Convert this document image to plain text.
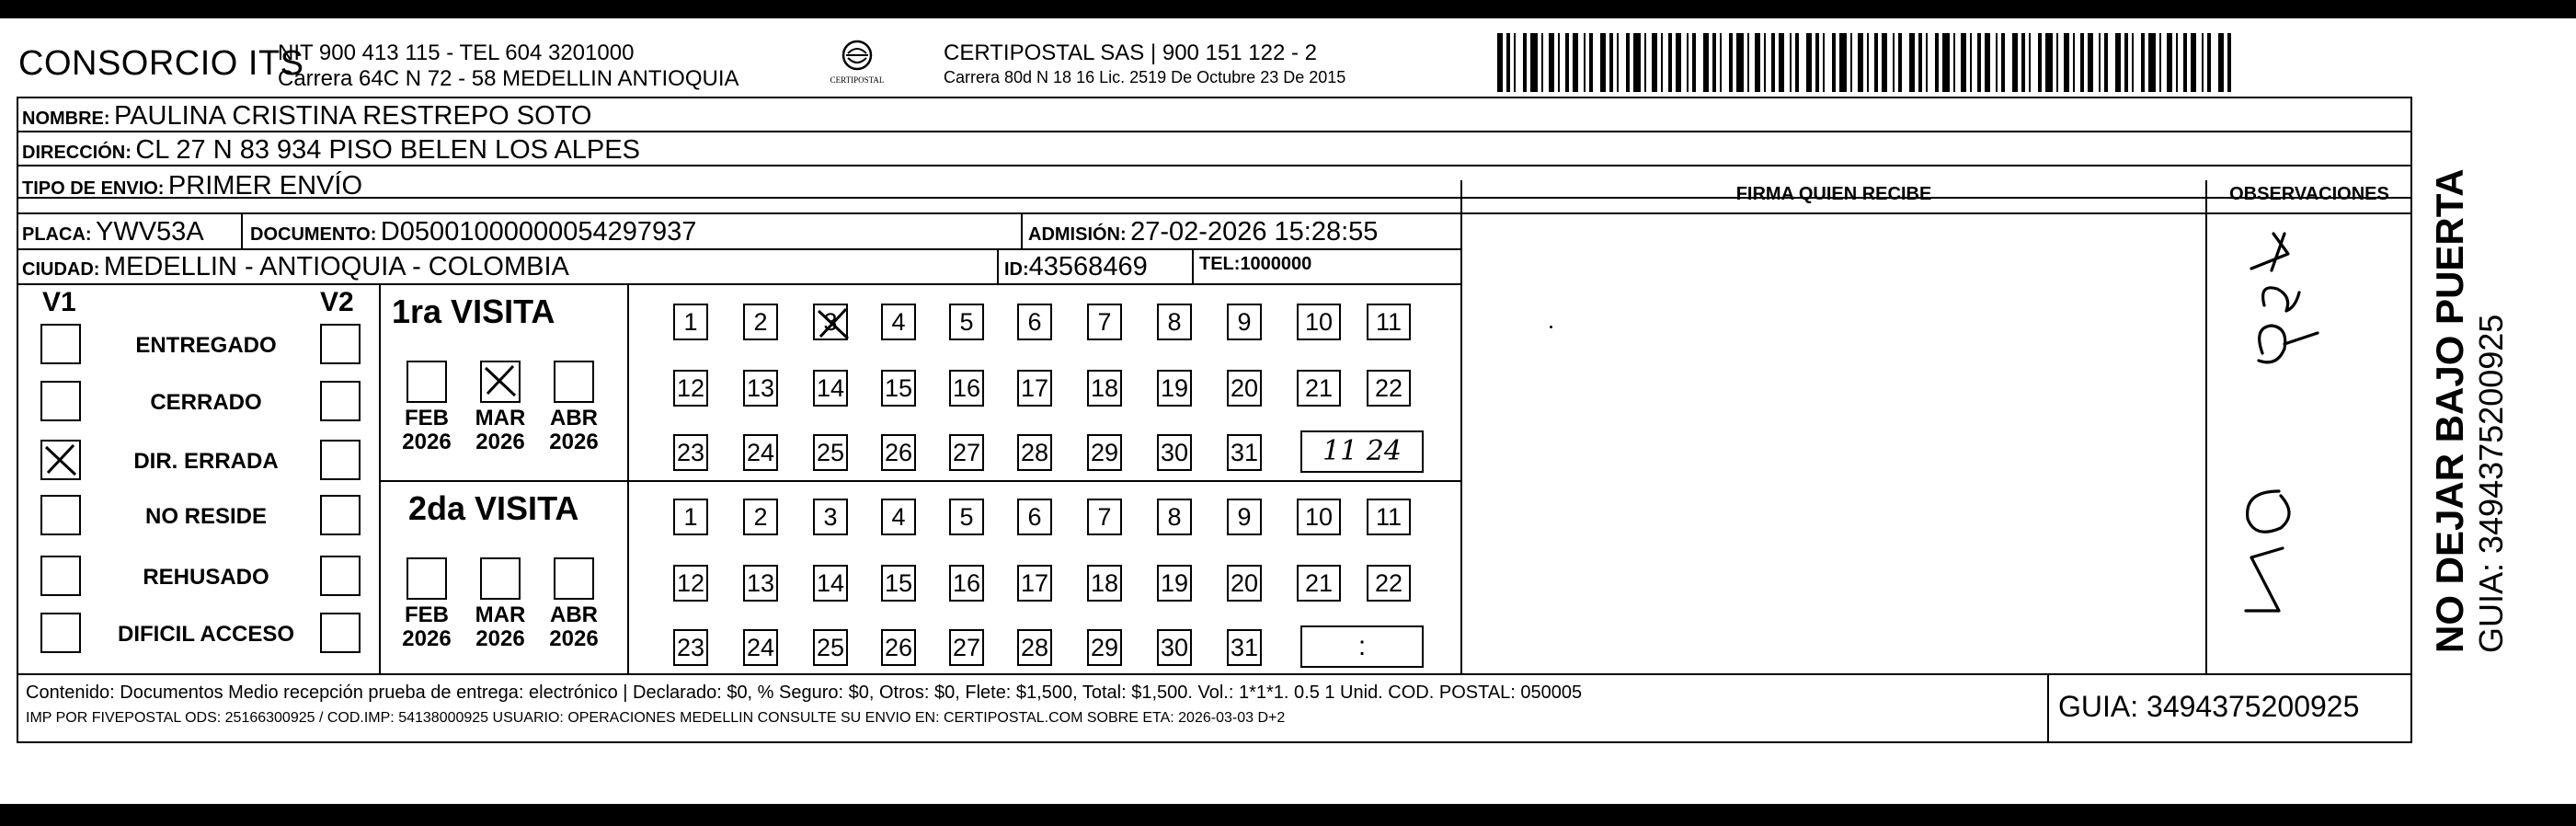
CONSORCIO ITS
NIT 900 413 115 - TEL 604 3201000
Carrera 64C N 72 - 58 MEDELLIN ANTIOQUIA	CERTIPOSTAL
CERTIPOSTAL SAS | 900 151 122 - 2
Carrera 80d N 18 16 Lic. 2519 De Octubre 23 De 2015
NOMBRE: PAULINA CRISTINA RESTREPO SOTO
DIRECCIÓN: CL 27 N 83 934 PISO BELEN LOS ALPES
TIPO DE ENVIO: PRIMER ENVÍO
PLACA: YWV53A	DOCUMENTO: D05001000000054297937	ADMISIÓN: 27-02-2026 15:28:55
CIUDAD: MEDELLIN - ANTIOQUIA - COLOMBIA	ID:43568469	TEL:1000000
FIRMA QUIEN RECIBE	OBSERVACIONES
NO 934
V1	V2
ENTREGADO
CERRADO
DIR. ERRADA
NO RESIDE
REHUSADO
DIFICIL ACCESO
1ra VISITA
FEB
2026
MAR
2026
ABR
2026
1	2	3	4	5	6	7	8	9	10	11
12 13 14 15 16 17 18 19 20	21	22
23 24 25 26 27 28 29 30 31	11 24
2da VISITA
FEB
2026
MAR
2026
ABR
2026
1	2	3	4	5	6	7	8	9	10	11
12 13 14 15 16 17 18 19 20	21	22
23 24 25 26 27 28 29 30 31	:
Contenido: Documentos Medio recepción prueba de entrega: electrónico | Declarado: $0, % Seguro: $0, Otros: $0, Flete: $1,500, Total: $1,500. Vol.: 1*1*1. 0.5 1 Unid. COD. POSTAL: 050005
IMP POR FIVEPOSTAL ODS: 25166300925 / COD.IMP: 54138000925 USUARIO: OPERACIONES MEDELLIN CONSULTE SU ENVIO EN: CERTIPOSTAL.COM SOBRE ETA: 2026-03-03 D+2	GUIA: 3494375200925
NO DEJAR BAJO PUERTA GUIA: 3494375200925
